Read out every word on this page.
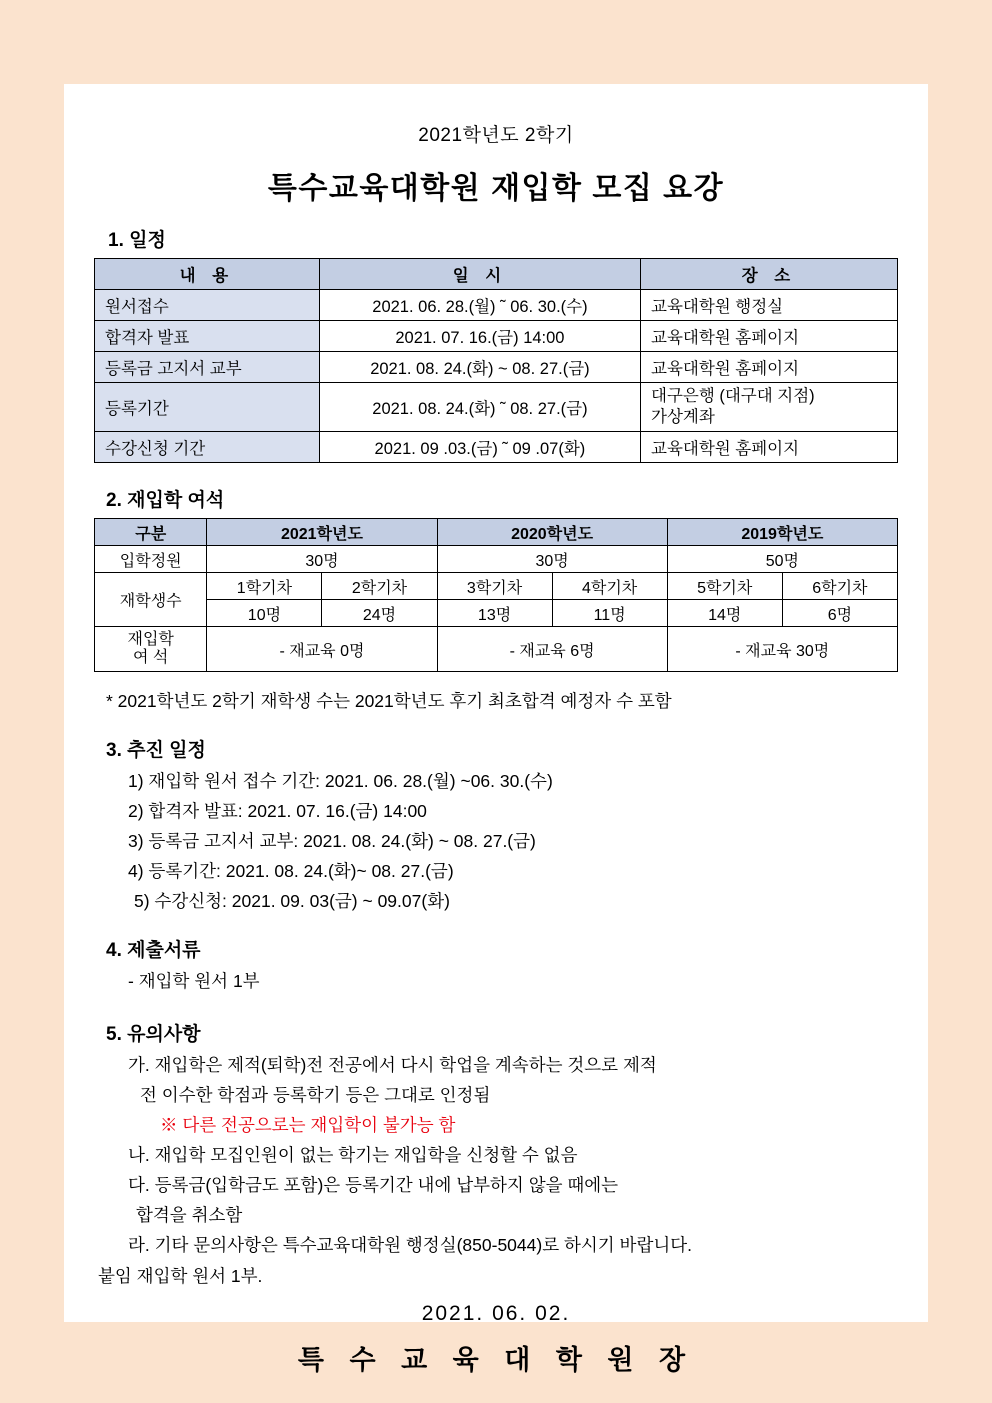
2021학년도 2학기
특수교육대학원 재입학 모집 요강
1. 일정
내 용	일 시	장 소
원서접수	2021. 06. 28.(월) ˜ 06. 30.(수)	교육대학원 행정실
합격자 발표	2021. 07. 16.(금) 14:00	교육대학원 홈페이지
등록금 고지서 교부	2021. 08. 24.(화) ~ 08. 27.(금)	교육대학원 홈페이지
등록기간	2021. 08. 24.(화) ˜ 08. 27.(금)	대구은행 (대구대 지점)
가상계좌

수강신청 기간	2021. 09 .03.(금) ˜ 09 .07(화)	교육대학원 홈페이지
2. 재입학 여석
구분	2021학년도		2020학년도		2019학년도	
입학정원	30명		30명		50명	
재학생수	1학기차	2학기차	3학기차	4학기차	5학기차	6학기차
	10명	24명	13명	11명	14명	6명

재입학
여 석	- 재교육 0명		- 재교육 6명		- 재교육 30명	
* 2021학년도 2학기 재학생 수는 2021학년도 후기 최초합격 예정자 수 포함
3. 추진 일정
1) 재입학 원서 접수 기간: 2021. 06. 28.(월) ~06. 30.(수)
2) 합격자 발표: 2021. 07. 16.(금) 14:00
3) 등록금 고지서 교부: 2021. 08. 24.(화) ~ 08. 27.(금)
4) 등록기간: 2021. 08. 24.(화)~ 08. 27.(금)
5) 수강신청: 2021. 09. 03(금) ~ 09.07(화)
4. 제출서류
- 재입학 원서 1부
5. 유의사항
가. 재입학은 제적(퇴학)전 전공에서 다시 학업을 계속하는 것으로 제적
전 이수한 학점과 등록학기 등은 그대로 인정됨
※ 다른 전공으로는 재입학이 불가능 함
나. 재입학 모집인원이 없는 학기는 재입학을 신청할 수 없음
다. 등록금(입학금도 포함)은 등록기간 내에 납부하지 않을 때에는
합격을 취소함
라. 기타 문의사항은 특수교육대학원 행정실(850-5044)로 하시기 바랍니다.
붙임 재입학 원서 1부.
2021. 06. 02.
특 수 교 육 대 학 원 장
